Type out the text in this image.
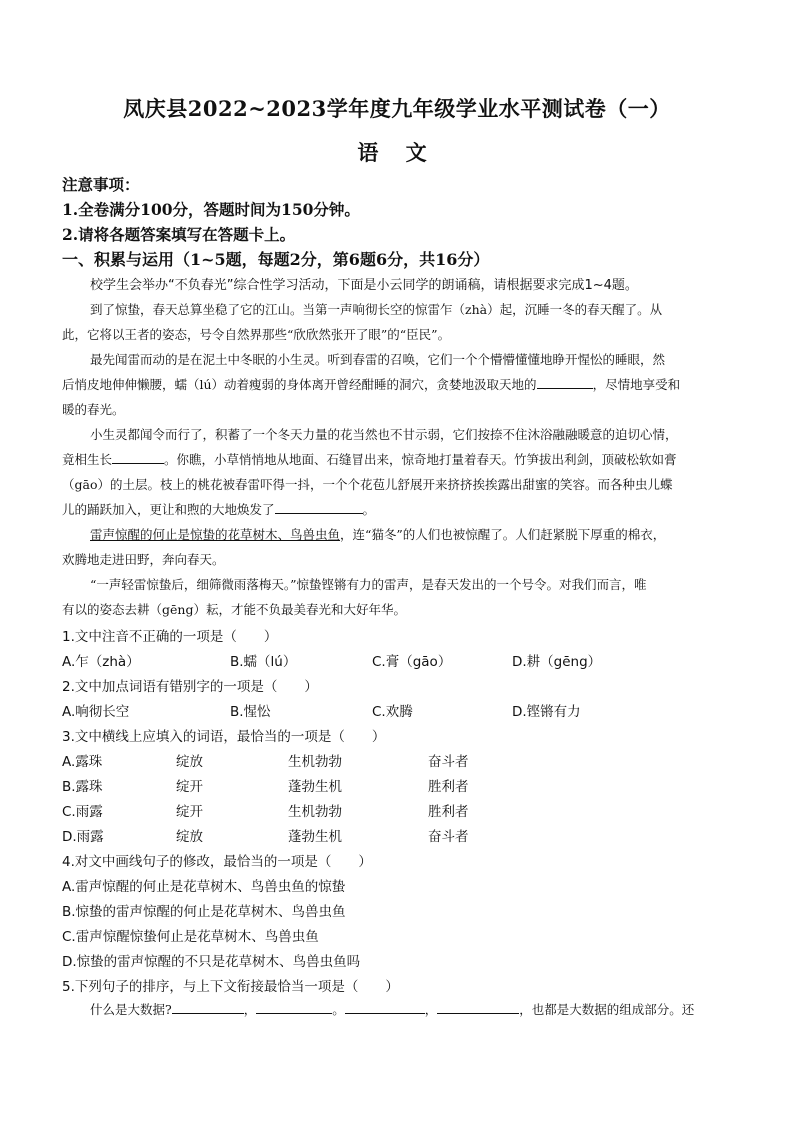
凤庆县2022~2023学年度九年级学业水平测试卷（一）
语 文
注意事项：
1.全卷满分100分，答题时间为150分钟。
2.请将各题答案填写在答题卡上。
一、积累与运用（1~5题，每题2分，第6题6分，共16分）
校学生会举办“不负春光”综合性学习活动，下面是小云同学的朗诵稿，请根据要求完成1~4题。
到了惊蛰，春天总算坐稳了它的江山。当第一声响彻长空的惊雷乍（zhà）起，沉睡一冬的春天醒了。从
此，它将以王者的姿态，号令自然界那些“欣欣然张开了眼”的“臣民”。
最先闻雷而动的是在泥土中冬眠的小生灵。听到春雷的召唤，它们一个个懵懵懂懂地睁开惺忪的睡眼，然
后悄皮地伸伸懒腰，蠕（lú）动着瘦弱的身体离开曾经酣睡的洞穴，贪婪地汲取天地的	，尽情地享受和
暖的春光。
小生灵都闻令而行了，积蓄了一个冬天力量的花当然也不甘示弱，它们按捺不住沐浴融融暖意的迫切心情，
竟相生长	。你瞧，小草悄悄地从地面、石缝冒出来，惊奇地打量着春天。竹笋拔出利剑，顶破松软如膏
（gāo）的土层。枝上的桃花被春雷吓得一抖，一个个花苞儿舒展开来挤挤挨挨露出甜蜜的笑容。而各种虫儿蝶
儿的踊跃加入，更让和煦的大地焕发了	。
雷声惊醒的何止是惊蛰的花草树木、鸟兽虫鱼，连“猫冬”的人们也被惊醒了。人们赶紧脱下厚重的棉衣，
欢腾地走进田野，奔向春天。
“一声轻雷惊蛰后，细筛微雨落梅天。”惊蛰铿锵有力的雷声，是春天发出的一个号令。对我们而言，唯
有以的姿态去耕（gēng）耘，才能不负最美春光和大好年华。
1.文中注音不正确的一项是（　　）
A.乍（zhà）	B.蠕（lú）	C.膏（gāo）	D.耕（gēng）
2.文中加点词语有错别字的一项是（　　）
A.响彻长空	B.惺忪	C.欢腾	D.铿锵有力
3.文中横线上应填入的词语，最恰当的一项是（　　）
A.露珠	绽放	生机勃勃	奋斗者
B.露珠	绽开	蓬勃生机	胜利者
C.雨露	绽开	生机勃勃	胜利者
D.雨露	绽放	蓬勃生机	奋斗者
4.对文中画线句子的修改，最恰当的一项是（　　）
A.雷声惊醒的何止是花草树木、鸟兽虫鱼的惊蛰
B.惊蛰的雷声惊醒的何止是花草树木、鸟兽虫鱼
C.雷声惊醒惊蛰何止是花草树木、鸟兽虫鱼
D.惊蛰的雷声惊醒的不只是花草树木、鸟兽虫鱼吗
5.下列句子的排序，与上下文衔接最恰当一项是（　　）
什么是大数据?	，	。	，	，也都是大数据的组成部分。还
